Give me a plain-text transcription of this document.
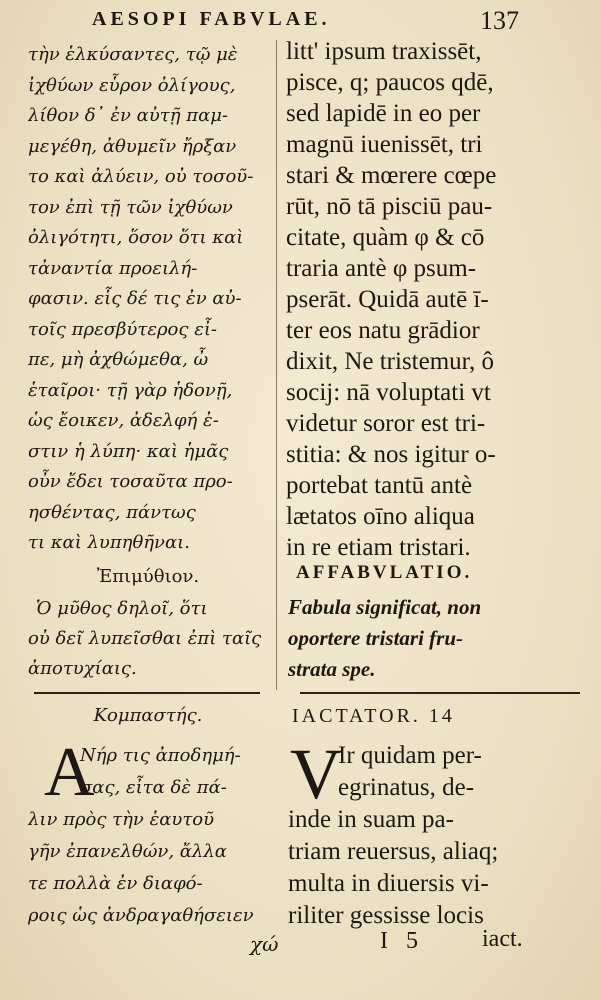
AESOPI FABVLAE.	137
τὴν ἑλκύσαντες, τῷ μὲ
ἰχθύων εὗρον ὀλίγους,
λίθον δ᾽ ἐν αὐτῇ παμ-
μεγέθη, ἀθυμεῖν ἤρξαν
το καὶ ἀλύειν, οὐ τοσοῦ-
τον ἐπὶ τῇ τῶν ἰχθύων
ὀλιγότητι, ὅσον ὅτι καὶ
τἀναντία προειλή-
φασιν. εἷς δέ τις ἐν αὐ-
τοῖς πρεσβύτερος εἶ-
πε, μὴ ἀχθώμεθα, ὦ
ἑταῖροι· τῇ γὰρ ἡδονῇ,
ὡς ἔοικεν, ἀδελφή ἐ-
στιν ἡ λύπη· καὶ ἡμᾶς
οὖν ἔδει τοσαῦτα προ-
ησθέντας, πάντως
τι καὶ λυπηθῆναι.
litt' ipsum traxissēt,
pisce, q; paucos qdē,
sed lapidē in eo per
magnū iuenissēt, tri
stari & mœrere cœpe
rūt, nō tā pisciū pau-
citate, quàm φ & cō
traria antè φ psum-
pserāt. Quidā autē ī-
ter eos natu grādior
dixit, Ne tristemur, ô
socij: nā voluptati vt
videtur soror est tri-
stitia: & nos igitur o-
portebat tantū antè
lætatos oīno aliqua
in re etiam tristari.
Ἐπιμύθιον.
Ὁ μῦθος δηλοῖ, ὅτι
οὐ δεῖ λυπεῖσθαι ἐπὶ ταῖς
ἀποτυχίαις.
AFFABVLATIO.
Fabula significat, non
oportere tristari fru-
strata spe.
Κομπαστής.	IACTATOR. 14
Α
Νήρ τις ἀποδημή-
σας, εἶτα δὲ πά-
λιν πρὸς τὴν ἑαυτοῦ
γῆν ἐπανελθών, ἄλλα
τε πολλὰ ἐν διαφό-
ροις ὡς ἀνδραγαθήσειεν
χώ
V
Ir quidam per-
egrinatus, de-
inde in suam pa-
triam reuersus, aliaq;
multa in diuersis vi-
riliter gessisse locis
I 5 iact.
